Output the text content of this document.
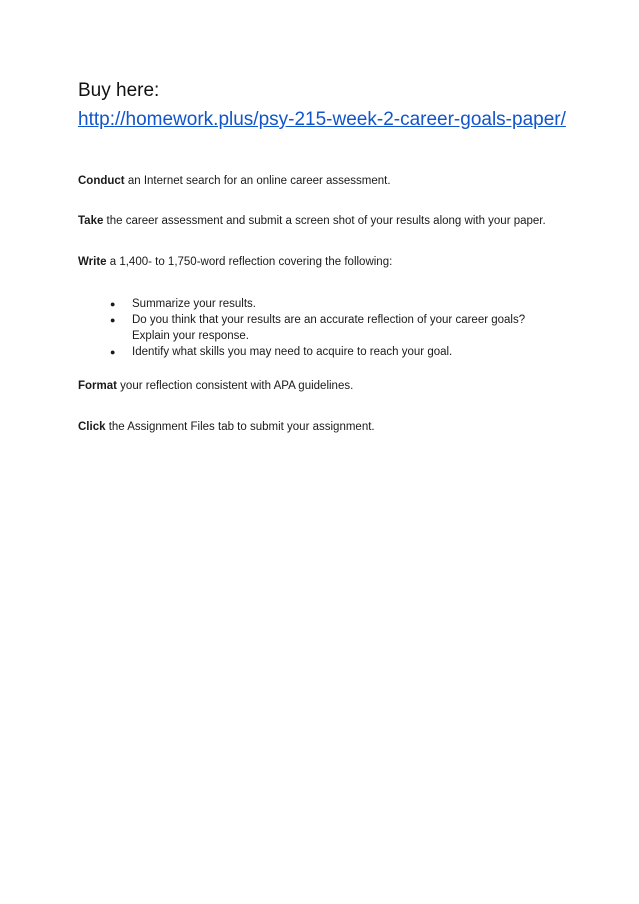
Buy here:
http://homework.plus/psy-215-week-2-career-goals-paper/
Conduct an Internet search for an online career assessment.
Take the career assessment and submit a screen shot of your results along with your paper.
Write a 1,400- to 1,750-word reflection covering the following:
● Summarize your results.
● Do you think that your results are an accurate reflection of your career goals? Explain your response.
● Identify what skills you may need to acquire to reach your goal.
Format your reflection consistent with APA guidelines.
Click the Assignment Files tab to submit your assignment.
